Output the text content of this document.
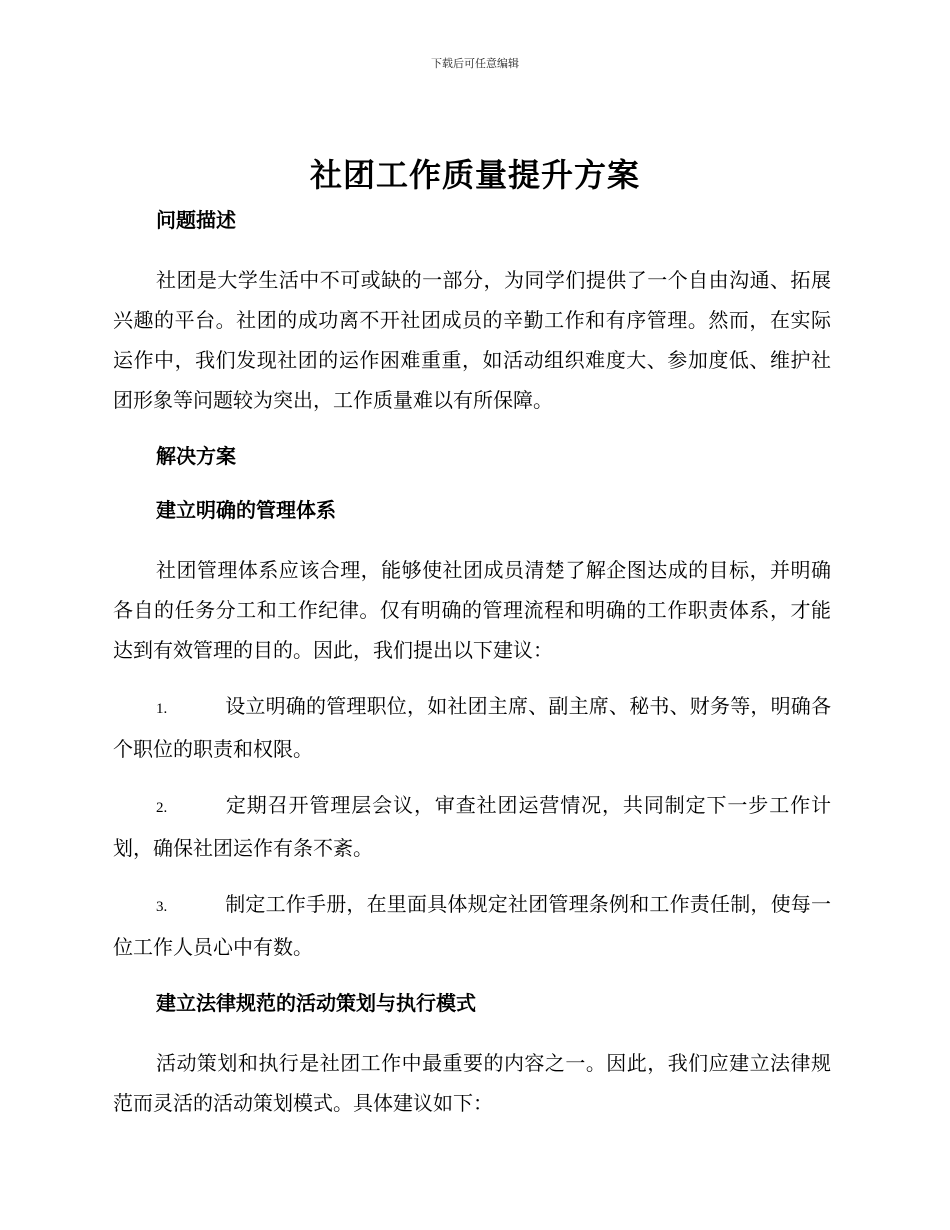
下载后可任意编辑
社团工作质量提升方案

问题描述

社团是大学生活中不可或缺的一部分，为同学们提供了一个自由沟通、拓展兴趣的平台。社团的成功离不开社团成员的辛勤工作和有序管理。然而，在实际运作中，我们发现社团的运作困难重重，如活动组织难度大、参加度低、维护社团形象等问题较为突出，工作质量难以有所保障。

解决方案

建立明确的管理体系

社团管理体系应该合理，能够使社团成员清楚了解企图达成的目标，并明确各自的任务分工和工作纪律。仅有明确的管理流程和明确的工作职责体系，才能达到有效管理的目的。因此，我们提出以下建议：

1.	设立明确的管理职位，如社团主席、副主席、秘书、财务等，明确各个职位的职责和权限。

2.	定期召开管理层会议，审查社团运营情况，共同制定下一步工作计划，确保社团运作有条不紊。

3.	制定工作手册，在里面具体规定社团管理条例和工作责任制，使每一位工作人员心中有数。

建立法律规范的活动策划与执行模式

活动策划和执行是社团工作中最重要的内容之一。因此，我们应建立法律规范而灵活的活动策划模式。具体建议如下：
